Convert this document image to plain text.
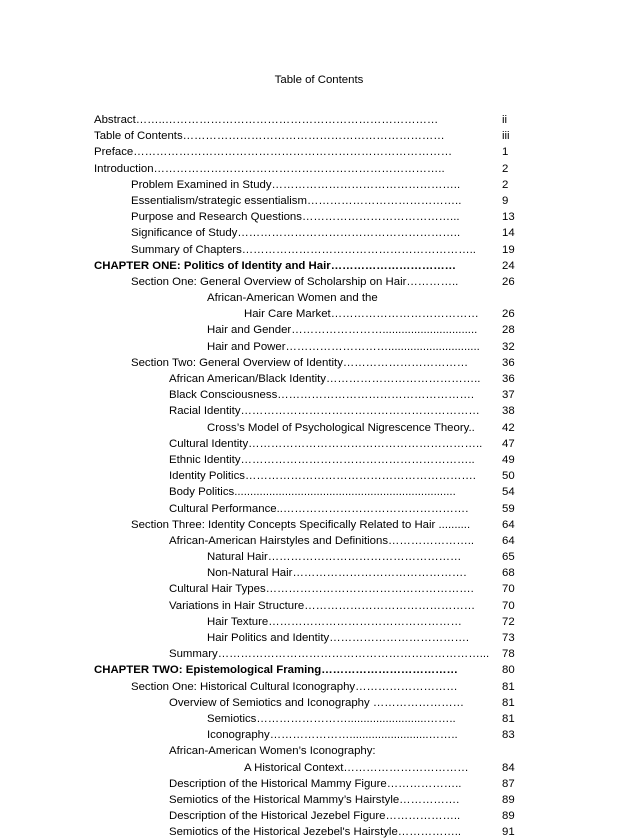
Table of Contents
Abstract……..………………………………………………………………	ii
Table of Contents……………………………………………………………	iii
Preface…………………………………………………………………………	1
Introduction…………………………………………………………………..	2
Problem Examined in Study…………………………………………..	2
Essentialism/strategic essentialism…………………………………..	9
Purpose and Research Questions…………………………………...	13
Significance of Study…………………………………………………..	14
Summary of Chapters…………………………………………………….. 19
CHAPTER ONE: Politics of Identity and Hair……………………………	24
Section One: General Overview of Scholarship on Hair…………..	26
African-American Women and the
Hair Care Market………………………………… 26
Hair and Gender…………………….............................. 28
Hair and Power………………………............................. 32
Section Two: General Overview of Identity……………………………	36
African American/Black Identity………………………………….. 36
Black Consciousness……………………………………………. 37
Racial Identity……………………………………………………… 38
Cross’s Model of Psychological Nigrescence Theory.. 42
Cultural Identity…………………………………………………….. 47
Ethnic Identity…………………………………………………….. 49
Identity Politics……………………………………………………. 50
Body Politics......................................................................	54
Cultural Performance..………………………………………….	59
Section Three: Identity Concepts Specifically Related to Hair ..........	64
African-American Hairstyles and Definitions………………….. 64
Natural Hair……………………………………………	65
Non-Natural Hair……………………………………….	68
Cultural Hair Types………………………………………………. 70
Variations in Hair Structure……………………………………… 70
Hair Texture……………………………………………	72
Hair Politics and Identity……………………………….	73
Summary……………………………………………………………... 78
CHAPTER TWO: Epistemological Framing………………………………	80
Section One: Historical Cultural Iconography………………………	81
Overview of Semiotics and Iconography ……………………	81
Semiotics…………………….........................……..	81
Iconography………………….........................……..	83
African-American Women’s Iconography:
A Historical Context……………………………	84
Description of the Historical Mammy Figure………………..	87
Semiotics of the Historical Mammy’s Hairstyle…………….	89
Description of the Historical Jezebel Figure………………..	89
Semiotics of the Historical Jezebel's Hairstyle……………..	91
